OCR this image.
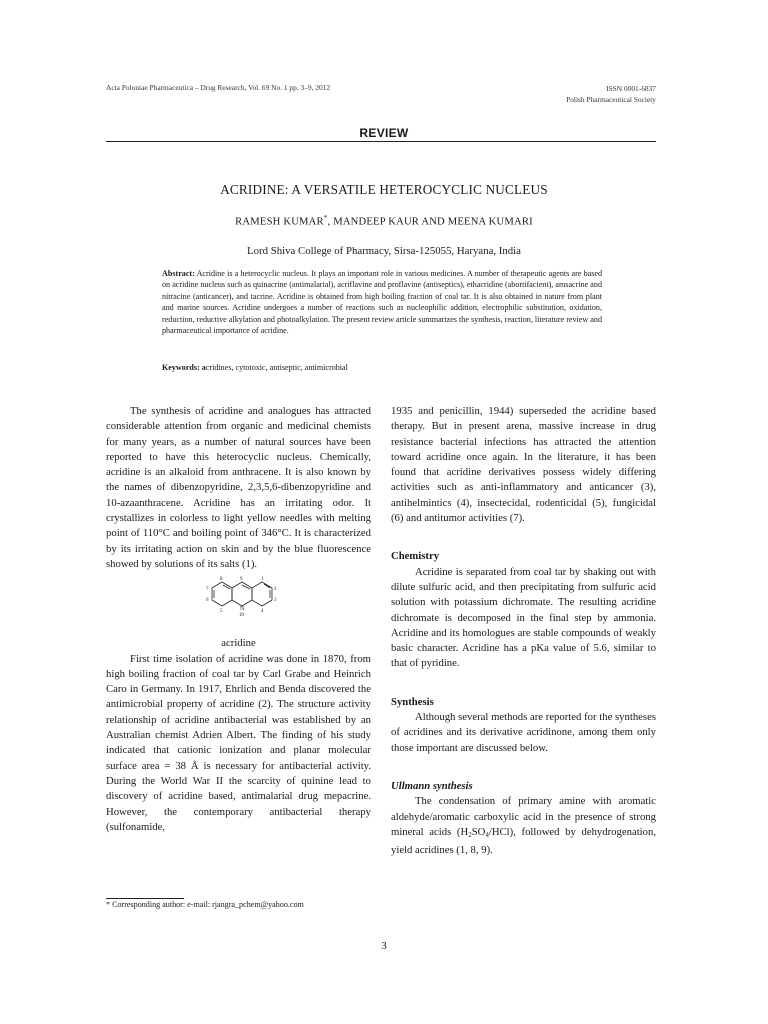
Acta Poloniae Pharmaceutica – Drug Research, Vol. 69 No. 1 pp. 3–9, 2012	ISSN 0001-6837
Polish Pharmaceutical Society
REVIEW
ACRIDINE: A VERSATILE HETEROCYCLIC NUCLEUS
RAMESH KUMAR*, MANDEEP KAUR AND MEENA KUMARI
Lord Shiva College of Pharmacy, Sirsa-125055, Haryana, India
Abstract: Acridine is a heterocyclic nucleus. It plays an important role in various medicines. A number of therapeutic agents are based on acridine nucleus such as quinacrine (antimalarial), acriflavine and proflavine (antiseptics), ethacridine (abortifacient), amsacrine and nitracine (anticancer), and tacrine. Acridine is obtained from high boiling fraction of coal tar. It is also obtained in nature from plant and marine sources. Acridine undergoes a number of reactions such as nucleophilic addition, electrophilic substitution, oxidation, reduction, reductive alkylation and photoalkylation. The present review article summarizes the synthesis, reaction, literature review and pharmaceutical importance of acridine.
Keywords: acridines, cytotoxic, antiseptic, antimicrobial

The synthesis of acridine and analogues has attracted considerable attention from organic and medicinal chemists for many years, as a number of natural sources have been reported to have this heterocyclic nucleus. Chemically, acridine is an alkaloid from anthracene. It is also known by the names of dibenzopyridine, 2,3,5,6-dibenzopyridine and 10-azaanthracene. Acridine has an irritating odor. It crystallizes in colorless to light yellow needles with melting point of 110°C and boiling point of 346°C. It is characterized by its irritating action on skin and by the blue fluorescence showed by solutions of its salts (1).

8	9	1
7	2
6	3
5	N	4
10

acridine

First time isolation of acridine was done in 1870, from high boiling fraction of coal tar by Carl Grabe and Heinrich Caro in Germany. In 1917, Ehrlich and Benda discovered the antimicrobial property of acridine (2). The structure activity relationship of acridine antibacterial was established by an Australian chemist Adrien Albert. The finding of his study indicated that cationic ionization and planar molecular surface area = 38 Å is necessary for antibacterial activity. During the World War II the scarcity of quinine lead to discovery of acridine based, antimalarial drug mepacrine. However, the contemporary antibacterial therapy (sulfonamide,

1935 and penicillin, 1944) superseded the acridine based therapy. But in present arena, massive increase in drug resistance bacterial infections has attracted the attention toward acridine once again. In the literature, it has been found that acridine derivatives possess widely differing activities such as anti-inflammatory and anticancer (3), antihelmintics (4), insectecidal, rodenticidal (5), fungicidal (6) and antitumor activities (7).

Chemistry

Acridine is separated from coal tar by shaking out with dilute sulfuric acid, and then precipitating from sulfuric acid solution with potassium dichromate. The resulting acridine dichromate is decomposed in the final step by ammonia. Acridine and its homologues are stable compounds of weakly basic character. Acridine has a pKa value of 5.6, similar to that of pyridine.

Synthesis

Although several methods are reported for the syntheses of acridines and its derivative acridinone, among them only those important are discussed below.

Ullmann synthesis

The condensation of primary amine with aromatic aldehyde/aromatic carboxylic acid in the presence of strong mineral acids $(H_2SO_4/HCl)$, followed by dehydrogenation, yield acridines (1, 8, 9).

* Corresponding author: e-mail: rjangra_pchem@yahoo.com
3
